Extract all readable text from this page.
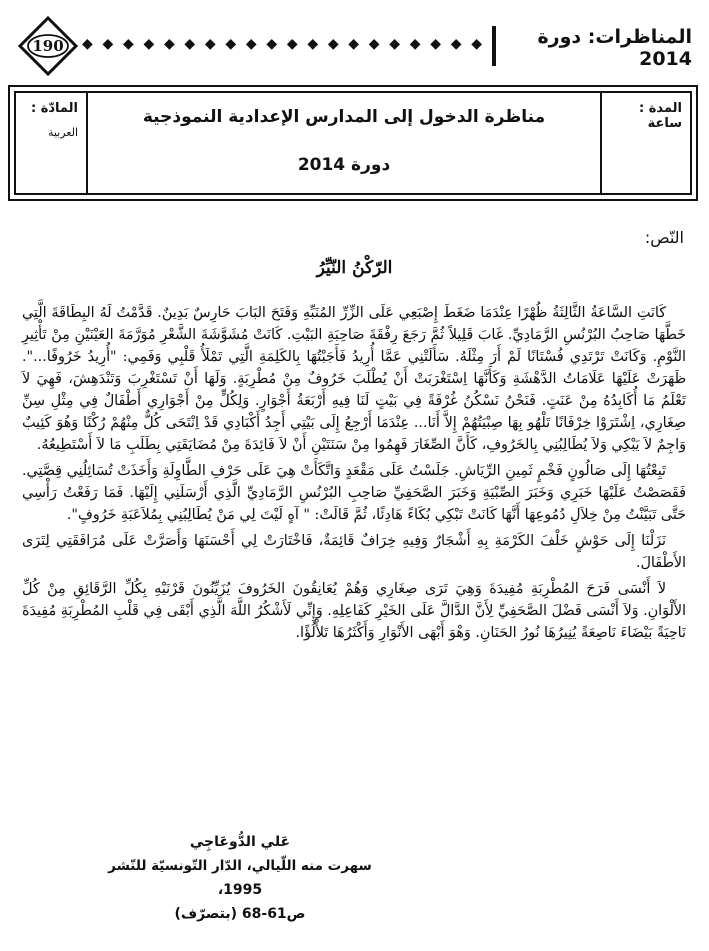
190	◆ ◆ ◆ ◆ ◆ ◆ ◆ ◆ ◆ ◆ ◆ ◆ ◆ ◆ ◆ ◆ ◆ ◆ ◆ ◆	المناظرات: دورة 2014
المدة : ساعة
مناظرة الدخول إلى المدارس الإعدادية النموذجية
دورة 2014
المادّة :
العربية
النّص:
الرّكْنُ النّيِّرُ

كَانَتِ السَّاعَةُ الثَّالِثَةُ ظُهْرًا عِنْدَمَا ضَغَطَ إِصْبَعِي عَلَى الزِّرِّ المُنَبِّهِ وَفَتَحَ البَابَ حَارِسٌ بَدِينٌ. قَدَّمْتُ لَهُ البِطَاقَةَ الَّتِي خَطَّهَا صَاحِبُ البُرْنُسِ الرَّمَادِيِّ. غَابَ قَلِيلاً ثُمَّ رَجَعَ رِفْقَةَ صَاحِبَةِ البَيْتِ. كَانَتْ مُشَوَّشَةَ الشَّعْرِ مُوَرَّمَةَ العَيْنَيْنِ مِنْ تَأْثِيرِ النَّوْمِ. وَكَانَتْ تَرْتَدِي فُسْتَانًا لَمْ أَرَ مِثْلَهُ. سَأَلَتْنِي عَمَّا أُرِيدُ فَأَجَبْتُهَا بِالكَلِمَةِ الَّتِي تَمْلَأُ قَلْبِي وَفَمِي: "أُرِيدُ خَرُوفًا...". ظَهَرَتْ عَلَيْهَا عَلَامَاتُ الدَّهْشَةِ وَكَأَنَّهَا اِسْتَغْرَبَتْ أَنْ يُطْلَبَ خَرُوفٌ مِنْ مُطْرِبَةٍ. وَلَهَا أَنْ تَسْتَغْرِبَ وَتَنْدَهِشَ، فَهِيَ لاَ تَعْلَمُ مَا أُكَابِدُهُ مِنْ عَنَتٍ. فَنَحْنُ نَسْكُنُ غُرْفَةً فِي بَيْتٍ لَنَا فِيهِ أَرْبَعَةُ أَجْوَارٍ. وَلِكُلٍّ مِنْ أَجْوَارِي أَطْفَالٌ فِي مِثْلِ سِنِّ صِغَارِي، اِشْتَرَوْا خِرْفَانًا تَلْهُو بِهَا صِبْيَتُهُمْ إِلاَّ أَنَا... عِنْدَمَا أَرْجِعُ إِلَى بَيْتِي أَجِدُ أَكْبَادِي قَدْ اِنْتَحَى كُلٌّ مِنْهُمْ رُكْنًا وَهُوَ كَئِيبٌ وَاجِمٌ لاَ يَبْكِي وَلاَ يُطَالِبُنِي بِالخَرُوفِ، كَأَنَّ الصِّغَارَ فَهِمُوا مِنْ سَنَتَيْنِ أَنْ لاَ فَائِدَةَ مِنْ مُضَايَقَتِي بِطَلَبِ مَا لاَ أَسْتَطِيعُهُ.

تَبِعْتُهَا إِلَى صَالُونٍ فَخْمٍ ثَمِينِ الرِّيَاشِ. جَلَسْتُ عَلَى مَقْعَدٍ وَاتَّكَأَتْ هِيَ عَلَى حَرْفِ الطَّاوِلَةِ وَأَخَذَتْ تُسَائِلُنِي قِصَّتِي. فَقَصَصْتُ عَلَيْهَا خَبَرِي وَخَبَرَ الصِّبْيَةِ وَخَبَرَ الصَّحَفِيِّ صَاحِبِ البُرْنُسِ الرَّمَادِيِّ الَّذِي أَرْسَلَنِي إِلَيْهَا. فَمَا رَفَعْتُ رَأْسِي حَتَّى تَبَيَّنْتُ مِنْ خِلاَلِ دُمُوعِهَا أَنَّهَا كَانَتْ تَبْكِي بُكَاءً هَادِئًا، ثُمَّ قَالَتْ: " آهٍ لَيْتَ لِي مَنْ يُطَالِبُنِي بِمُلاَعَبَةِ خَرُوفٍ".

نَزَلْنَا إِلَى حَوْشٍ خَلْفَ الكَرْمَةِ بِهِ أَشْجَارٌ وَفِيهِ خِرَافٌ قَائِمَةٌ، فَاخْتَارَتْ لِي أَحْسَنَهَا وَأَصَرَّتْ عَلَى مُرَافَقَتِي لِتَرَى الأَطْفَالَ.

لاَ أَنْسَى فَرَحَ المُطْرِبَةِ مُفِيدَةَ وَهِيَ تَرَى صِغَارِي وَهُمْ يُعَانِقُونَ الخَرُوفَ يُزَيِّنُونَ قَرْنَيْهِ بِكُلِّ الرَّقَائِقِ مِنْ كُلِّ الأَلْوَانِ. وَلاَ أَنْسَى فَضْلَ الصَّحَفِيِّ لِأَنَّ الدَّالَّ عَلَى الخَيْرِ كَفَاعِلِهِ. وَإِنِّي لَأَشْكُرُ اللَّهَ الَّذِي أَبْقَى فِي قَلْبِ المُطْرِبَةِ مُفِيدَةَ نَاحِيَةً بَيْضَاءَ نَاصِعَةً يُنِيرُهَا نُورُ الحَنَانِ. وَهْوَ أَبْهَى الأَنْوَارِ وَأَكْثَرُهَا تَلأْلُؤًا.

عَلي الدُّوعَاجِي
سهرت منه اللّيالي، الدّار التّونسيّة للنّشر
1995،
ص61-68 (بتصرّف)
